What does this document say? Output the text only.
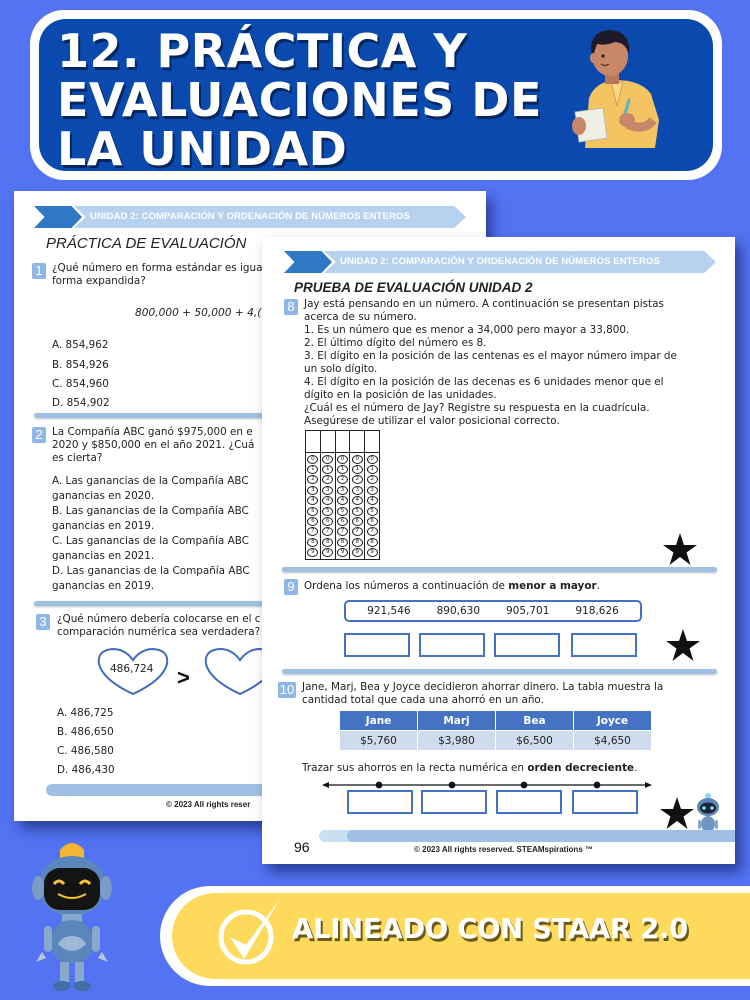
12. PRÁCTICA Y
EVALUACIONES DE
LA UNIDAD
UNIDAD 2: COMPARACIÓN Y ORDENACIÓN DE NÚMEROS ENTEROS
PRÁCTICA DE EVALUACIÓN
1 ¿Qué número en forma estándar es igua
forma expandida?
800,000 + 50,000 + 4,(
A. 854,962
B. 854,926
C. 854,960
D. 854,902
2 La Compañía ABC ganó $975,000 en e
2020 y $850,000 en el año 2021. ¿Cuá
es cierta?
A. Las ganancias de la Compañía ABC
ganancias en 2020.
B. Las ganancias de la Compañía ABC
ganancias en 2019.
C. Las ganancias de la Compañía ABC
ganancias en 2021.
D. Las ganancias de la Compañía ABC
ganancias en 2019.
3 ¿Qué número debería colocarse en el c
comparación numérica sea verdadera?
486,724 >
A. 486,725
B. 486,650
C. 486,580
D. 486,430
© 2023 All rights reser
UNIDAD 2: COMPARACIÓN Y ORDENACIÓN DE NÚMEROS ENTEROS
PRUEBA DE EVALUACIÓN UNIDAD 2
8 Jay está pensando en un número. A continuación se presentan pistas
acerca de su número.
1. Es un número que es menor a 34,000 pero mayor a 33,800.
2. El último dígito del número es 8.
3. El dígito en la posición de las centenas es el mayor número impar de
un solo dígito.
4. El dígito en la posición de las decenas es 6 unidades menor que el
dígito en la posición de las unidades.
¿Cuál es el número de Jay? Registre su respuesta en la cuadrícula.
Asegúrese de utilizar el valor posicional correcto.
0
1
2
3
4
5
6
7
8
9
0
1
2
3
4
5
6
7
8
9
0
1
2
3
4
5
6
7
8
9
0
1
2
3
4
5
6
7
8
9
0
1
2
3
4
5
6
7
8
9
9 Ordena los números a continuación de menor a mayor.
921,546 890,630 905,701 918,626
10 Jane, Marj, Bea y Joyce decidieron ahorrar dinero. La tabla muestra la
cantidad total que cada una ahorró en un año.
Jane	Marj	Bea	Joyce
$5,760	$3,980	$6,500	$4,650
Trazar sus ahorros en la recta numérica en orden decreciente.
96	© 2023 All rights reserved. STEAMspirations ™
ALINEADO CON STAAR 2.0
